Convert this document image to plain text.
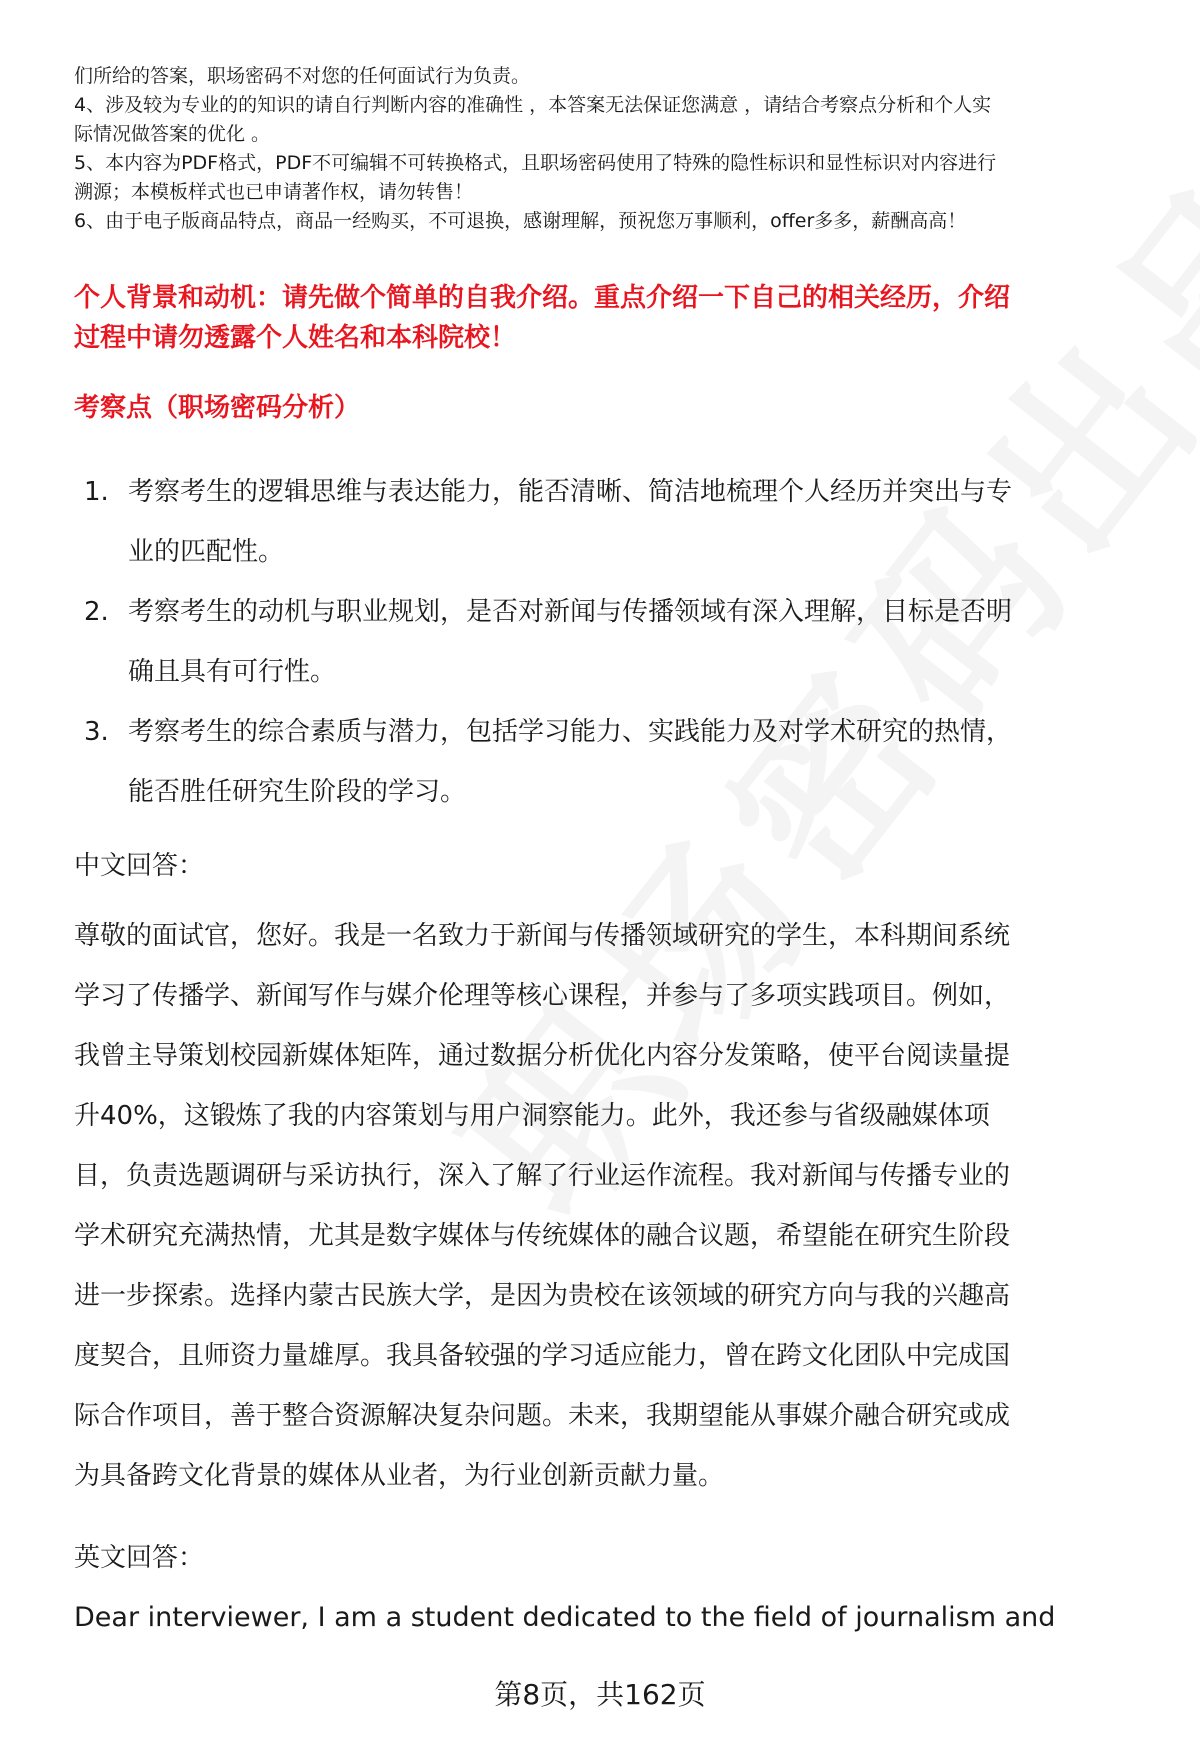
们所给的答案，职场密码不对您的任何面试行为负责。
4、涉及较为专业的的知识的请自行判断内容的准确性 ，本答案无法保证您满意 ，请结合考察点分析和个人实
际情况做答案的优化 。
5、本内容为PDF格式，PDF不可编辑不可转换格式，且职场密码使用了特殊的隐性标识和显性标识对内容进行
溯源；本模板样式也已申请著作权，请勿转售！
6、由于电子版商品特点，商品一经购买，不可退换，感谢理解，预祝您万事顺利，offer多多，薪酬高高！
个人背景和动机：请先做个简单的自我介绍。重点介绍一下自己的相关经历，介绍
过程中请勿透露个人姓名和本科院校！
考察点（职场密码分析）
1. 考察考生的逻辑思维与表达能力，能否清晰、简洁地梳理个人经历并突出与专
业的匹配性。
2. 考察考生的动机与职业规划，是否对新闻与传播领域有深入理解，目标是否明
确且具有可行性。
3. 考察考生的综合素质与潜力，包括学习能力、实践能力及对学术研究的热情，
能否胜任研究生阶段的学习。
中文回答：
尊敬的面试官，您好。我是一名致力于新闻与传播领域研究的学生，本科期间系统
学习了传播学、新闻写作与媒介伦理等核心课程，并参与了多项实践项目。例如，
我曾主导策划校园新媒体矩阵，通过数据分析优化内容分发策略，使平台阅读量提
升40%，这锻炼了我的内容策划与用户洞察能力。此外，我还参与省级融媒体项
目，负责选题调研与采访执行，深入了解了行业运作流程。我对新闻与传播专业的
学术研究充满热情，尤其是数字媒体与传统媒体的融合议题，希望能在研究生阶段
进一步探索。选择内蒙古民族大学，是因为贵校在该领域的研究方向与我的兴趣高
度契合，且师资力量雄厚。我具备较强的学习适应能力，曾在跨文化团队中完成国
际合作项目，善于整合资源解决复杂问题。未来，我期望能从事媒介融合研究或成
为具备跨文化背景的媒体从业者，为行业创新贡献力量。
英文回答：
Dear interviewer, I am a student dedicated to the field of journalism and
第8页，共162页
